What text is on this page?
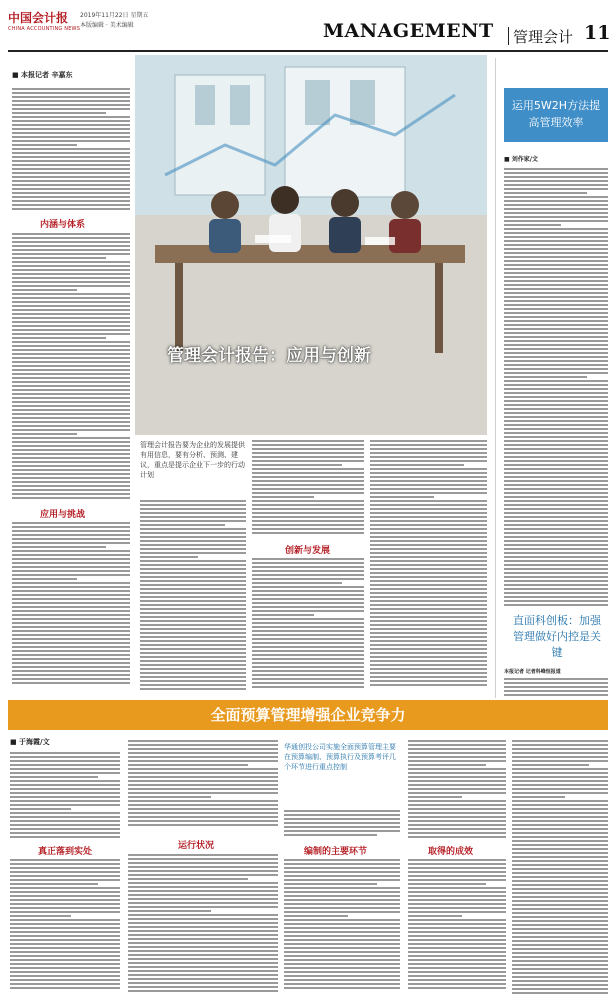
中国会计报
CHINA ACCOUNTING NEWS
2019年11月22日 星期五
本版编辑 · 美术编辑	MANAGEMENT 管理会计 11
■ 本报记者 辛嘉东
内涵与体系
应用与挑战
管理会计报告：应用与创新
管理会计报告要为企业的发展提供有用信息，要有分析、预测、建议，重点是提示企业下一步的行动计划
创新与发展
运用5W2H方法提高管理效率
■ 刘作家/文
直面科创板：加强管理做好内控是关键
本报记者 记者科峰恒报道
全面预算管理增强企业竞争力
■ 于海霞/文
真正落到实处
运行状况
华通创投公司实施全面预算管理主要在预算编制、预算执行及预算考评几个环节进行重点控制
编制的主要环节	取得的成效
